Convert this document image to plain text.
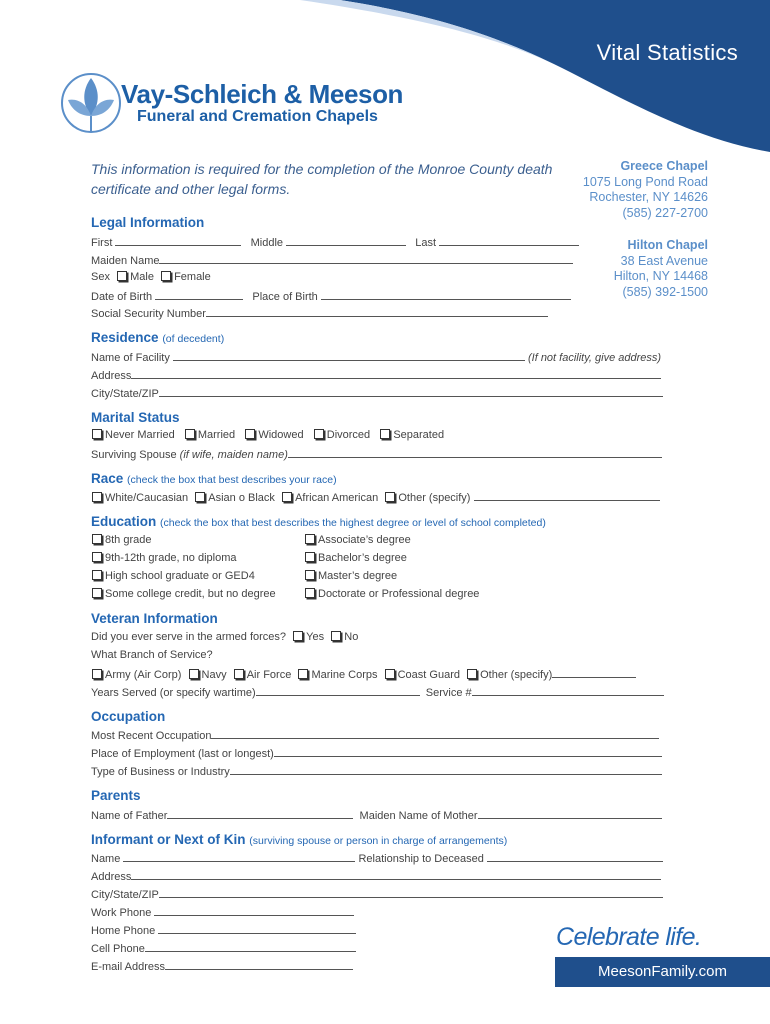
Vital Statistics
Vay-Schleich & Meeson
Funeral and Cremation Chapels
This information is required for the completion of the Monroe County death certificate and other legal forms.
Greece Chapel
1075 Long Pond Road
Rochester, NY 14626
(585) 227-2700
Hilton Chapel
38 East Avenue
Hilton, NY 14468
(585) 392-1500
Legal Information
First	Middle	Last
Maiden Name
Sex Male Female
Date of Birth	Place of Birth
Social Security Number
Residence (of decedent)
Name of Facility	(If not facility, give address)
Address
City/State/ZIP
Marital Status
Never Married Married Widowed Divorced Separated
Surviving Spouse (if wife, maiden name)
Race (check the box that best describes your race)
White/Caucasian Asian o Black African American Other (specify)
Education (check the box that best describes the highest degree or level of school completed)
8th grade
9th-12th grade, no diploma
High school graduate or GED4
Some college credit, but no degree
Associate’s degree
Bachelor’s degree
Master’s degree
Doctorate or Professional degree
Veteran Information
Did you ever serve in the armed forces? Yes No
What Branch of Service?
Army (Air Corp) Navy Air Force Marine Corps Coast Guard Other (specify)
Years Served (or specify wartime)	Service #
Occupation
Most Recent Occupation
Place of Employment (last or longest)
Type of Business or Industry
Parents
Name of Father	Maiden Name of Mother
Informant or Next of Kin (surviving spouse or person in charge of arrangements)
Name	Relationship to Deceased
Address
City/State/ZIP
Work Phone
Home Phone
Cell Phone
E-mail Address
Celebrate life.
MeesonFamily.com
